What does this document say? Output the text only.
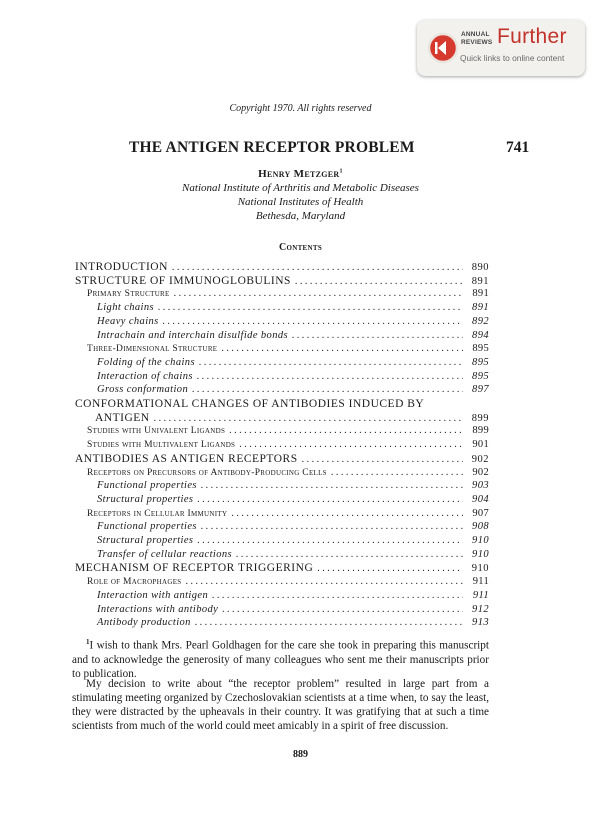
ANNUAL
REVIEWS Further
Quick links to online content
Copyright 1970. All rights reserved
THE ANTIGEN RECEPTOR PROBLEM	741
Henry Metzger$^1$
National Institute of Arthritis and Metabolic Diseases
National Institutes of Health
Bethesda, Maryland
Contents
INTRODUCTION . . .	890
STRUCTURE OF IMMUNOGLOBULINS . . .	891
Primary Structure . . .	891
Light chains . . .	891
Heavy chains . . .	892
Intrachain and interchain disulfide bonds . . .	894
Three-Dimensional Structure . . .	895
Folding of the chains . . .	895
Interaction of chains . . .	895
Gross conformation . . .	897
CONFORMATIONAL CHANGES OF ANTIBODIES INDUCED BY
ANTIGEN . . .	899
Studies with Univalent Ligands . . .	899
Studies with Multivalent Ligands . . .	901
ANTIBODIES AS ANTIGEN RECEPTORS . . .	902
Receptors on Precursors of Antibody-Producing Cells . . .	902
Functional properties . . .	903
Structural properties . . .	904
Receptors in Cellular Immunity . . .	907
Functional properties . . .	908
Structural properties . . .	910
Transfer of cellular reactions . . .	910
MECHANISM OF RECEPTOR TRIGGERING . . .	910
Role of Macrophages . . .	911
Interaction with antigen . . .	911
Interactions with antibody . . .	912
Antibody production . . .	913
$^1$I wish to thank Mrs. Pearl Goldhagen for the care she took in preparing this manuscript and to acknowledge the generosity of many colleagues who sent me their manuscripts prior to publication.
My decision to write about “the receptor problem” resulted in large part from a stimulating meeting organized by Czechoslovakian scientists at a time when, to say the least, they were distracted by the upheavals in their country. It was gratifying that at such a time scientists from much of the world could meet amicably in a spirit of free discussion.
889
